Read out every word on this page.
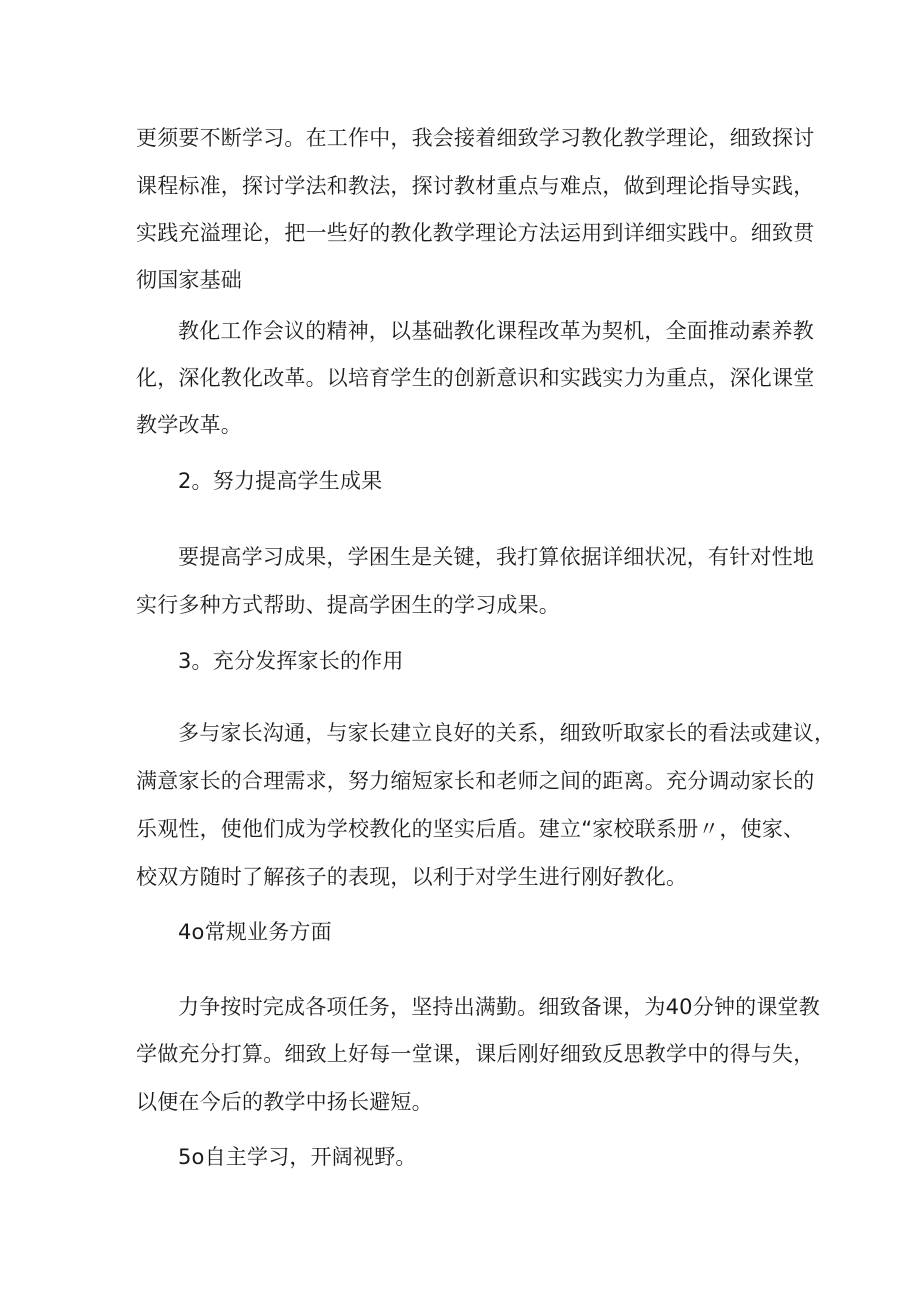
更须要不断学习。在工作中，我会接着细致学习教化教学理论，细致探讨
课程标准，探讨学法和教法，探讨教材重点与难点，做到理论指导实践，
实践充溢理论，把一些好的教化教学理论方法运用到详细实践中。细致贯
彻国家基础
教化工作会议的精神，以基础教化课程改革为契机，全面推动素养教
化，深化教化改革。以培育学生的创新意识和实践实力为重点，深化课堂
教学改革。
2。努力提高学生成果
要提高学习成果，学困生是关键，我打算依据详细状况，有针对性地
实行多种方式帮助、提高学困生的学习成果。
3。充分发挥家长的作用
多与家长沟通，与家长建立良好的关系，细致听取家长的看法或建议，
满意家长的合理需求，努力缩短家长和老师之间的距离。充分调动家长的
乐观性，使他们成为学校教化的坚实后盾。建立“家校联系册〃，使家、
校双方随时了解孩子的表现，以利于对学生进行刚好教化。
4o常规业务方面
力争按时完成各项任务，坚持出满勤。细致备课，为40分钟的课堂教
学做充分打算。细致上好每一堂课，课后刚好细致反思教学中的得与失，
以便在今后的教学中扬长避短。
5o自主学习，开阔视野。
